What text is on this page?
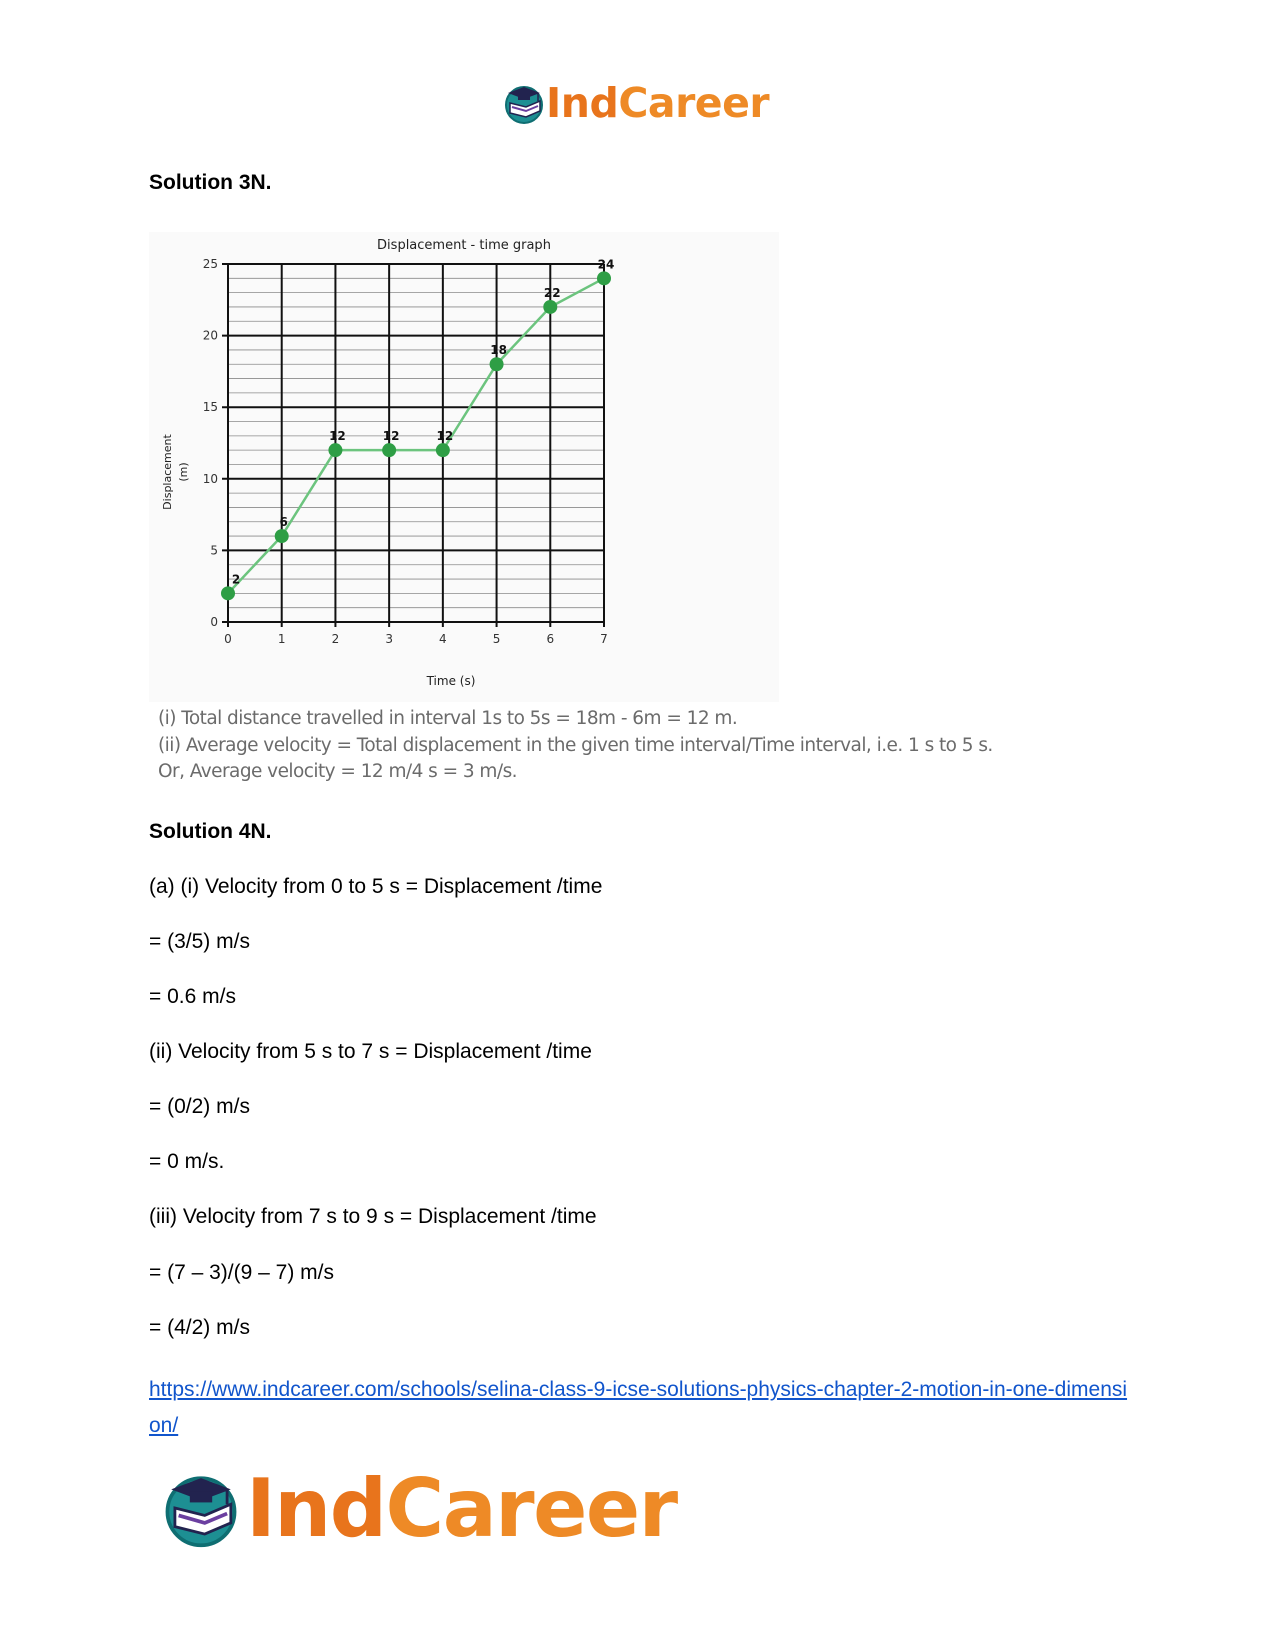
IndCareer

Solution 3N.

0	1	2	3	4	5	6	7
0
5
10
15
20
25
2
6
12	12	12
18
22
24
Displacement - time graph
Time (s)
Displacement (m)
(i) Total distance travelled in interval 1s to 5s = 18m - 6m = 12 m.
(ii) Average velocity = Total displacement in the given time interval/Time interval, i.e. 1 s to 5 s.
Or, Average velocity = 12 m/4 s = 3 m/s.

Solution 4N.

(a) (i) Velocity from 0 to 5 s = Displacement /time

= (3/5) m/s

= 0.6 m/s

(ii) Velocity from 5 s to 7 s = Displacement /time

= (0/2) m/s

= 0 m/s.

(iii) Velocity from 7 s to 9 s = Displacement /time

= (7 – 3)/(9 – 7) m/s

= (4/2) m/s

https://www.indcareer.com/schools/selina-class-9-icse-solutions-physics-chapter-2-motion-in-one-dimension/
IndCareer
